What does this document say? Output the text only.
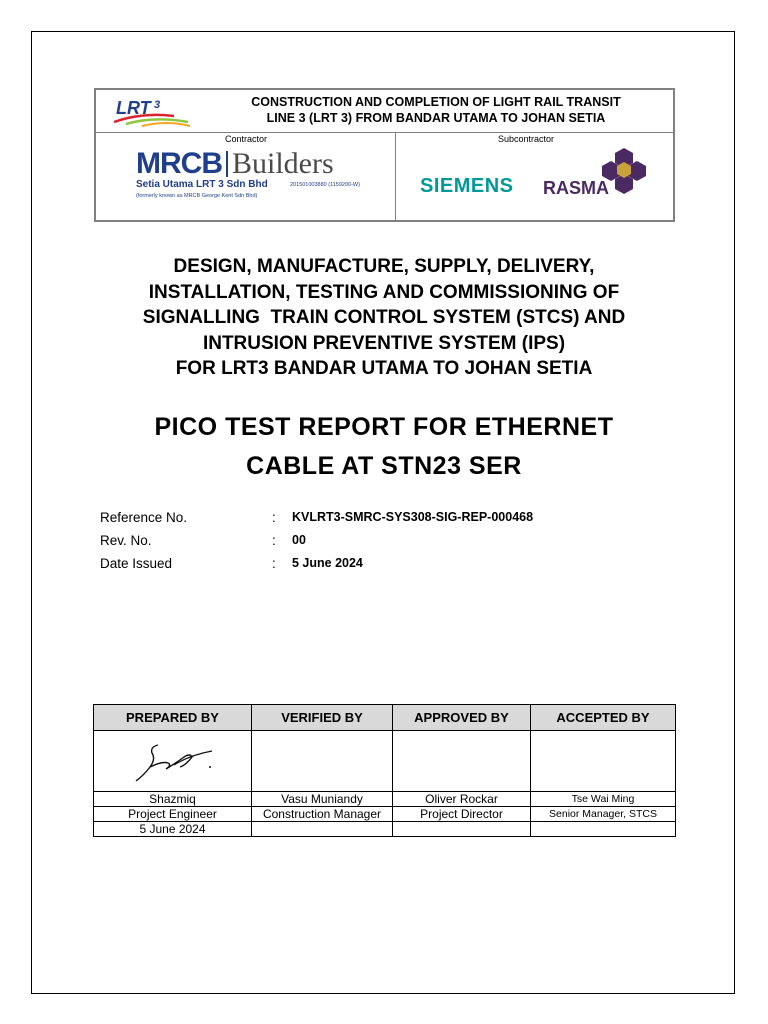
LRT 3	CONSTRUCTION AND COMPLETION OF LIGHT RAIL TRANSIT
LINE 3 (LRT 3) FROM BANDAR UTAMA TO JOHAN SETIA
Contractor	Subcontractor
MRCB Builders
Setia Utama LRT 3 Sdn Bhd	201501003880 (1159200-W)
(formerly known as MRCB George Kent Sdn Bhd)	SIEMENS RASMA
DESIGN, MANUFACTURE, SUPPLY, DELIVERY,
INSTALLATION, TESTING AND COMMISSIONING OF
SIGNALLING  TRAIN CONTROL SYSTEM (STCS) AND
INTRUSION PREVENTIVE SYSTEM (IPS)
FOR LRT3 BANDAR UTAMA TO JOHAN SETIA
PICO TEST REPORT FOR ETHERNET
CABLE AT STN23 SER
Reference No.	: KVLRT3-SMRC-SYS308-SIG-REP-000468
Rev. No.	: 00
Date Issued	: 5 June 2024
PREPARED BY	VERIFIED BY	APPROVED BY	ACCEPTED BY

Shazmiq	Vasu Muniandy	Oliver Rockar	Tse Wai Ming
Project Engineer	Construction Manager	Project Director	Senior Manager, STCS
5 June 2024			
